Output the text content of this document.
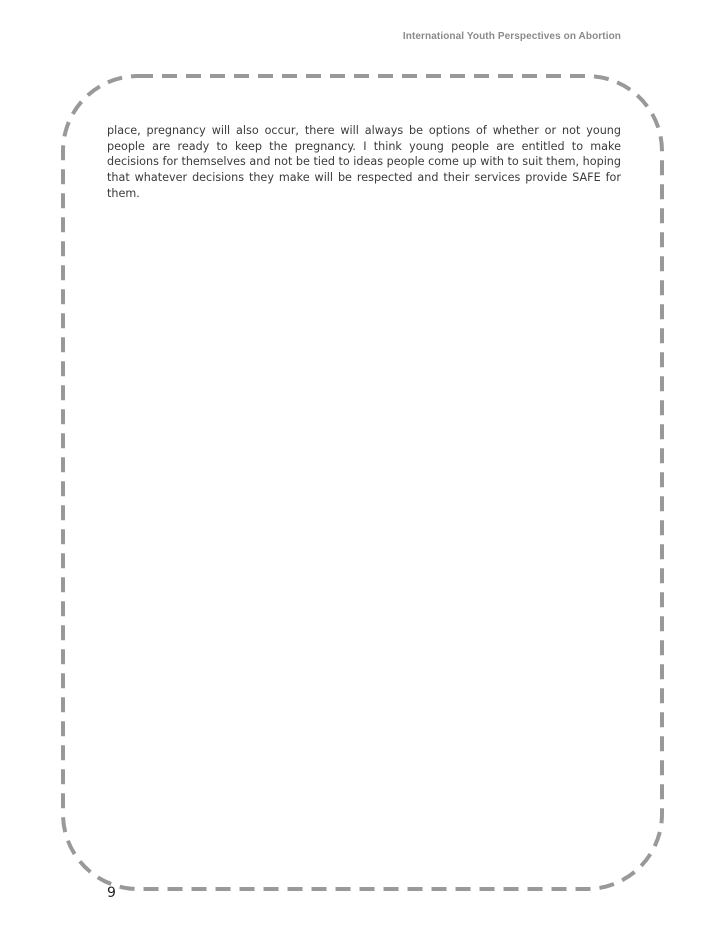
International Youth Perspectives on Abortion

place, pregnancy will also occur, there will always be options of whether or not young people are ready to keep the pregnancy. I think young people are entitled to make decisions for themselves and not be tied to ideas people come up with to suit them, hoping that whatever decisions they make will be respected and their services provide SAFE for them.

9
